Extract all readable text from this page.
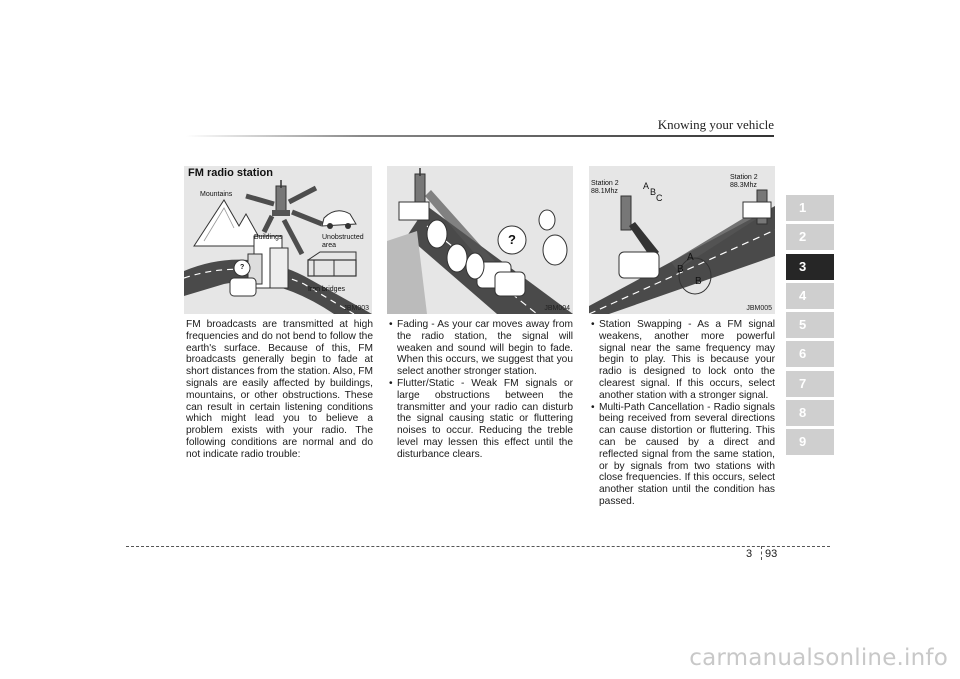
Knowing your vehicle
FM radio station
Mountains
Buildings	Unobstructed area
Iron bridges
?
JBM003
?
JBM004
Station 2
88.1Mhz
Station 2
88.3Mhz
A
B
C
A
B
B
JBM005

FM broadcasts are transmitted at high frequencies and do not bend to follow the earth's surface. Because of this, FM broadcasts generally begin to fade at short distances from the station. Also, FM signals are easily affected by buildings, mountains, or other obstructions. These can result in certain listening conditions which might lead you to believe a problem exists with your radio. The following conditions are normal and do not indicate radio trouble:

• Fading - As your car moves away from the radio station, the signal will weaken and sound will begin to fade. When this occurs, we suggest that you select another stronger station.
• Flutter/Static - Weak FM signals or large obstructions between the transmitter and your radio can disturb the signal causing static or fluttering noises to occur. Reducing the treble level may lessen this effect until the disturbance clears.
• Station Swapping - As a FM signal weakens, another more powerful signal near the same frequency may begin to play. This is because your radio is designed to lock onto the clearest signal. If this occurs, select another station with a stronger signal.
• Multi-Path Cancellation - Radio signals being received from several directions can cause distortion or fluttering. This can be caused by a direct and reflected signal from the same station, or by signals from two stations with close frequencies. If this occurs, select another station until the condition has passed.
1
2
3
4
5
6
7
8
9
3 93
carmanualsonline.info
